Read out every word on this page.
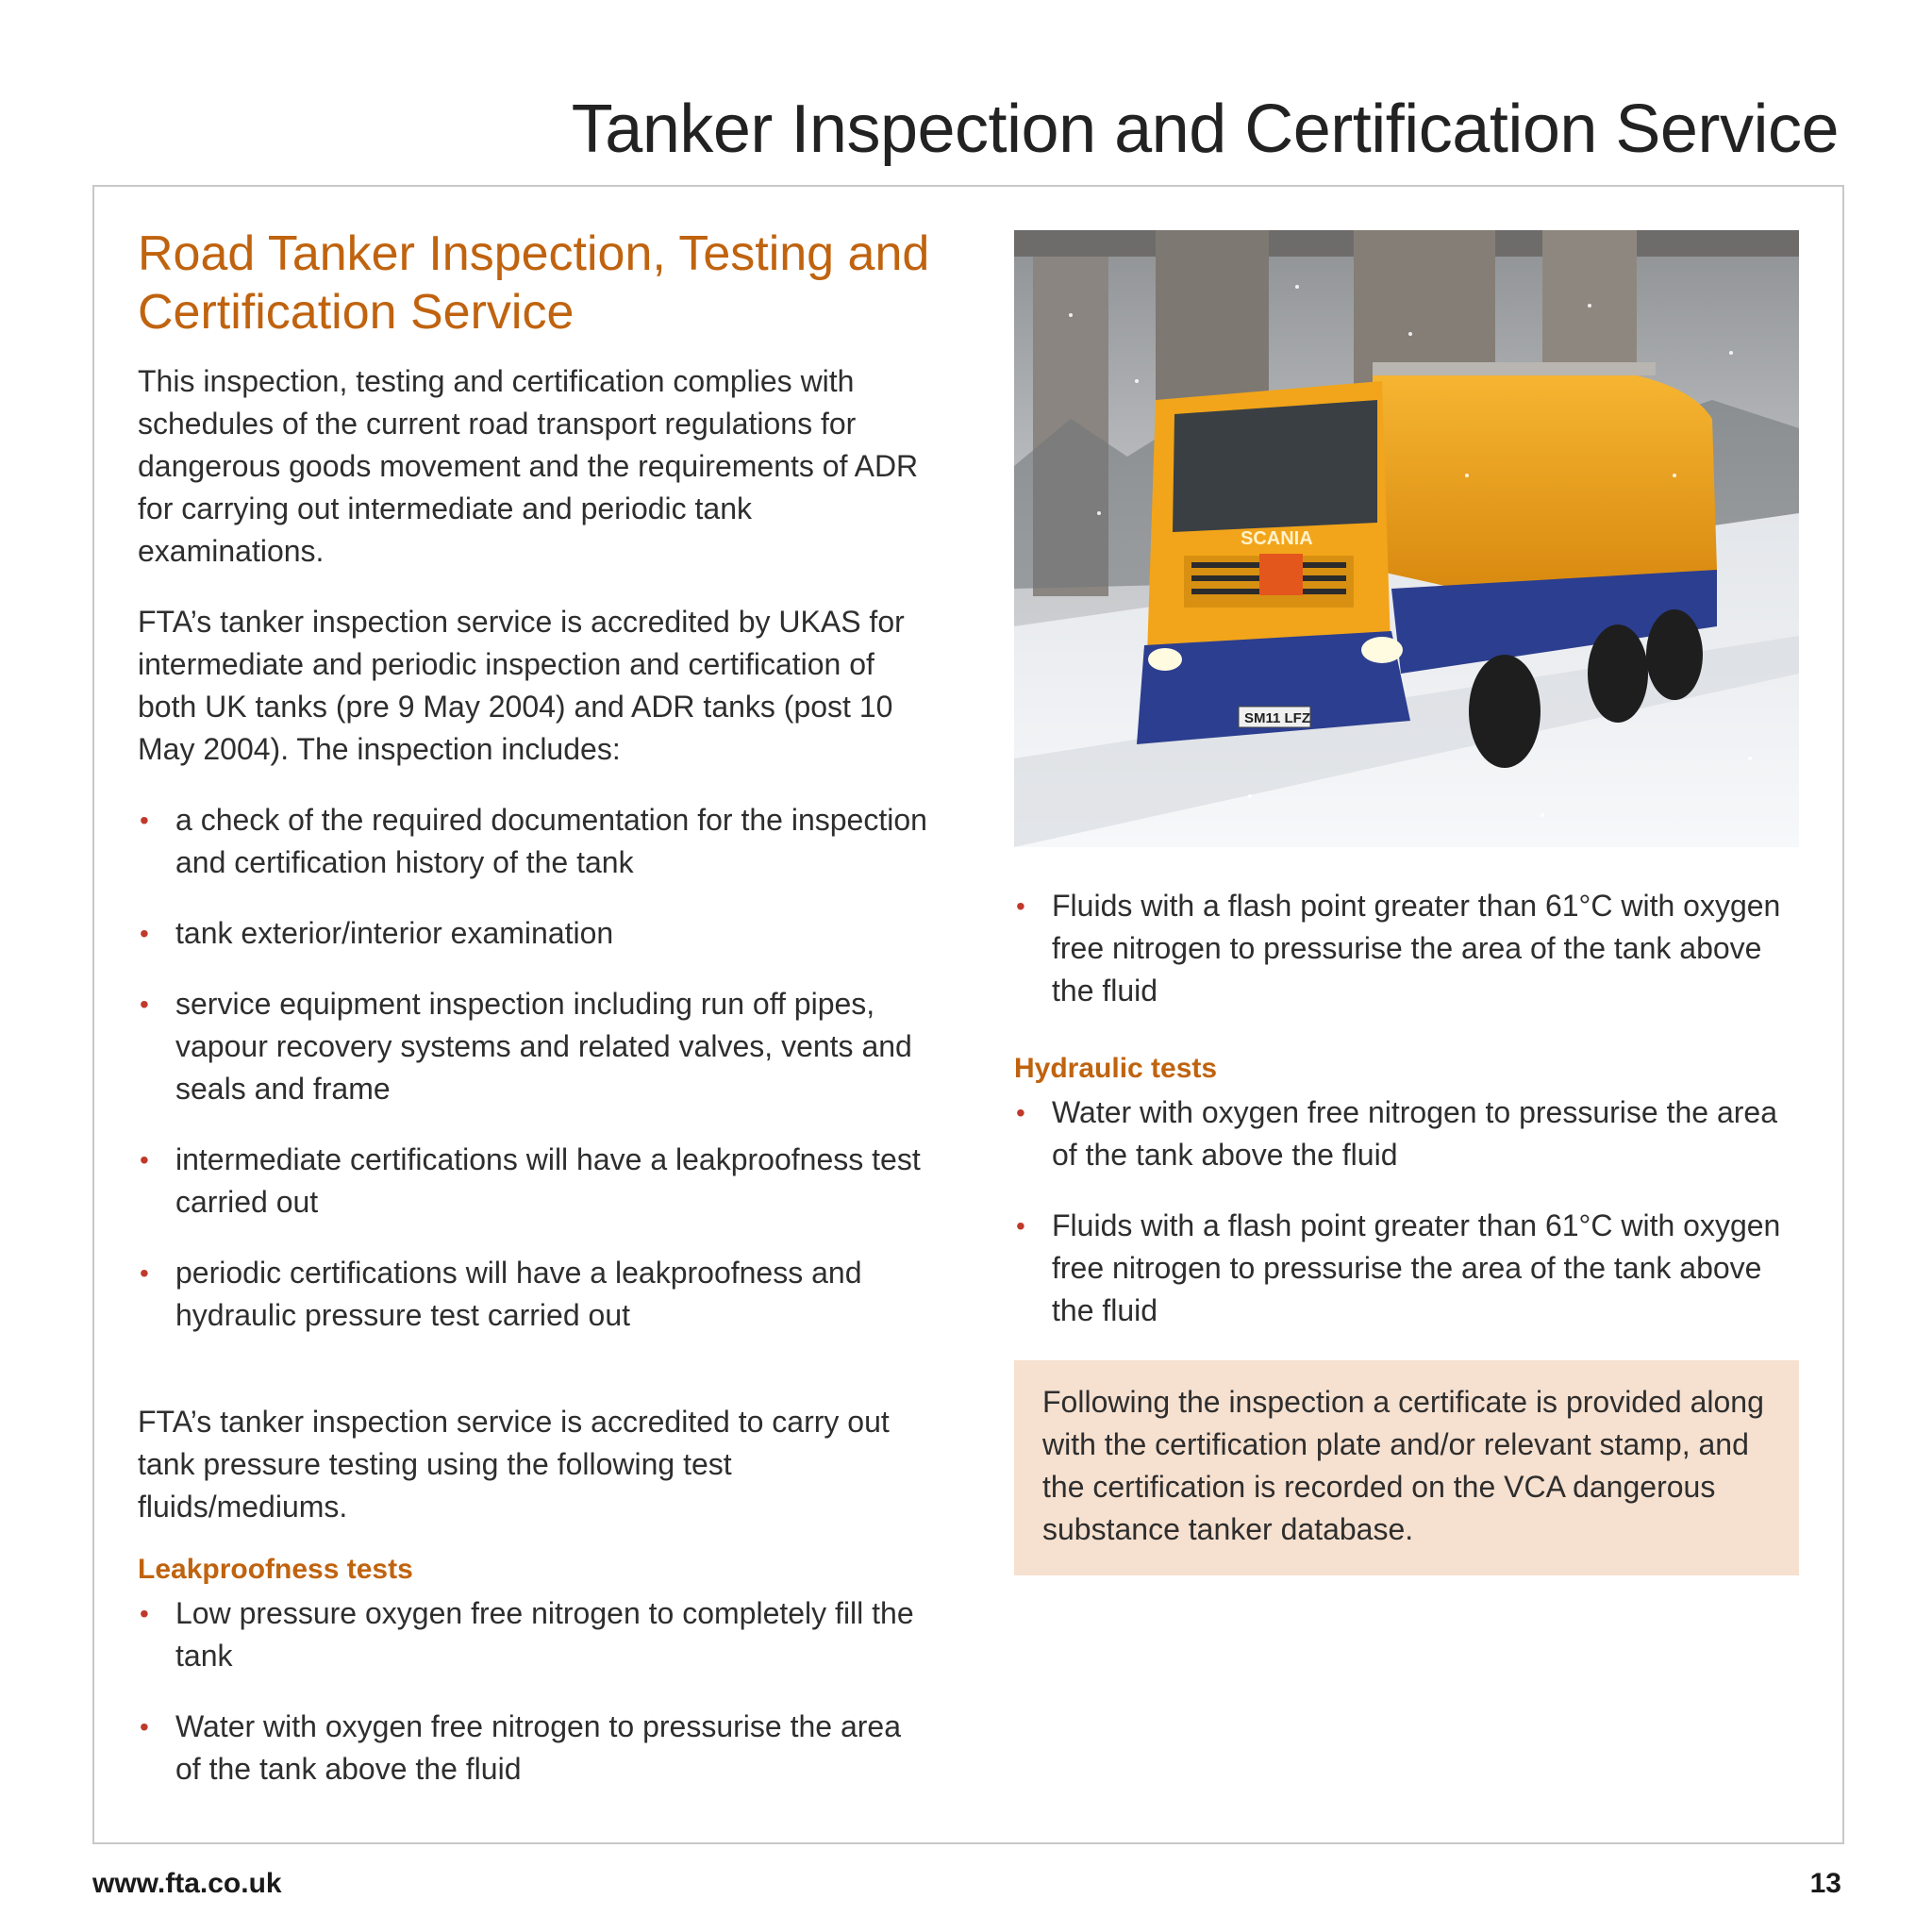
Tanker Inspection and Certification Service
Road Tanker Inspection, Testing and Certification Service

This inspection, testing and certification complies with schedules of the current road transport regulations for dangerous goods movement and the requirements of ADR for carrying out intermediate and periodic tank examinations.

FTA’s tanker inspection service is accredited by UKAS for intermediate and periodic inspection and certification of both UK tanks (pre 9 May 2004) and ADR tanks (post 10 May 2004). The inspection includes:

• a check of the required documentation for the inspection and certification history of the tank
• tank exterior/interior examination
• service equipment inspection including run off pipes, vapour recovery systems and related valves, vents and seals and frame
• intermediate certifications will have a leakproofness test carried out
• periodic certifications will have a leakproofness and hydraulic pressure test carried out

FTA’s tanker inspection service is accredited to carry out tank pressure testing using the following test fluids/mediums.

Leakproofness tests
• Low pressure oxygen free nitrogen to completely fill the tank
• Water with oxygen free nitrogen to pressurise the area of the tank above the fluid
SCANIA
SM11 LFZ
• Fluids with a flash point greater than 61°C with oxygen free nitrogen to pressurise the area of the tank above the fluid
Hydraulic tests
• Water with oxygen free nitrogen to pressurise the area of the tank above the fluid
• Fluids with a flash point greater than 61°C with oxygen free nitrogen to pressurise the area of the tank above the fluid
Following the inspection a certificate is provided along with the certification plate and/or relevant stamp, and the certification is recorded on the VCA dangerous substance tanker database.
www.fta.co.uk	13
